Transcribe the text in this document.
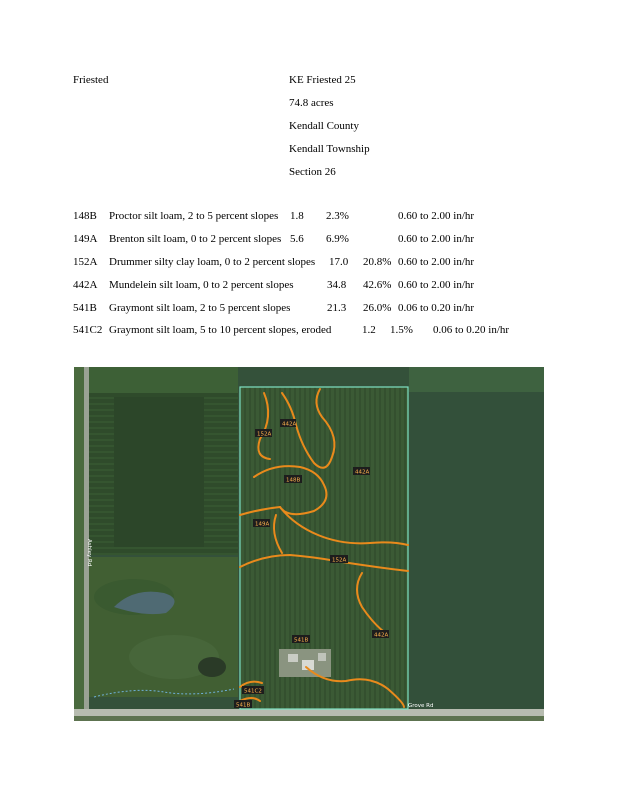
Friested	KE Friested 25
74.8 acres
Kendall County
Kendall Township
Section 26
148B Proctor silt loam, 2 to 5 percent slopes 1.8 2.3%	0.60 to 2.00 in/hr
149A Brenton silt loam, 0 to 2 percent slopes 5.6 6.9%	0.60 to 2.00 in/hr
152A Drummer silty clay loam, 0 to 2 percent slopes 17.0 20.8% 0.60 to 2.00 in/hr
442A Mundelein silt loam, 0 to 2 percent slopes	34.8 42.6% 0.60 to 2.00 in/hr
541B Graymont silt loam, 2 to 5 percent slopes	21.3 26.0% 0.06 to 0.20 in/hr
541C2 Graymont silt loam, 5 to 10 percent slopes, eroded	1.2 1.5% 0.06 to 0.20 in/hr
152A
442A
148B
442A
149A
152A
541B
442A
541C2
541B
Ashley Rd
Grove Rd
